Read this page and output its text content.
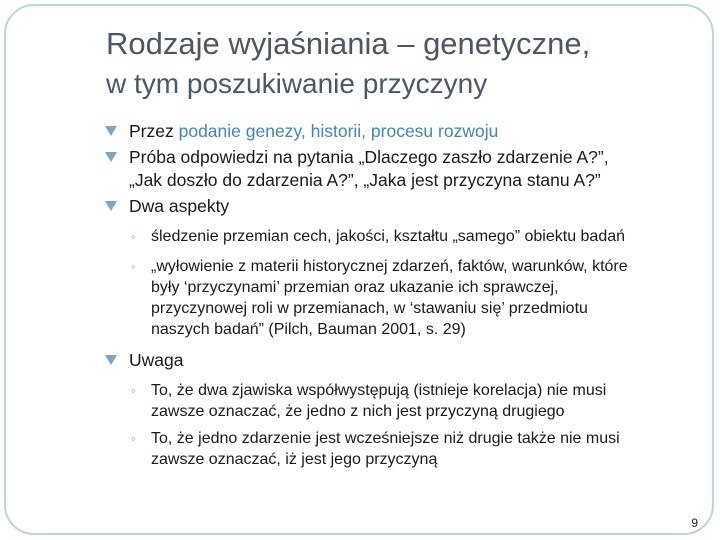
Rodzaje wyjaśniania – genetyczne,
w tym poszukiwanie przyczyny
Przez podanie genezy, historii, procesu rozwoju
Próba odpowiedzi na pytania „Dlaczego zaszło zdarzenie A?”,
„Jak doszło do zdarzenia A?”, „Jaka jest przyczyna stanu A?”
Dwa aspekty
◦ śledzenie przemian cech, jakości, kształtu „samego” obiektu badań
◦ „wyłowienie z materii historycznej zdarzeń, faktów, warunków, które
były ‘przyczynami’ przemian oraz ukazanie ich sprawczej,
przyczynowej roli w przemianach, w ‘stawaniu się’ przedmiotu
naszych badań” (Pilch, Bauman 2001, s. 29)
Uwaga
◦ To, że dwa zjawiska współwystępują (istnieje korelacja) nie musi
zawsze oznaczać, że jedno z nich jest przyczyną drugiego
◦ To, że jedno zdarzenie jest wcześniejsze niż drugie także nie musi
zawsze oznaczać, iż jest jego przyczyną
9
